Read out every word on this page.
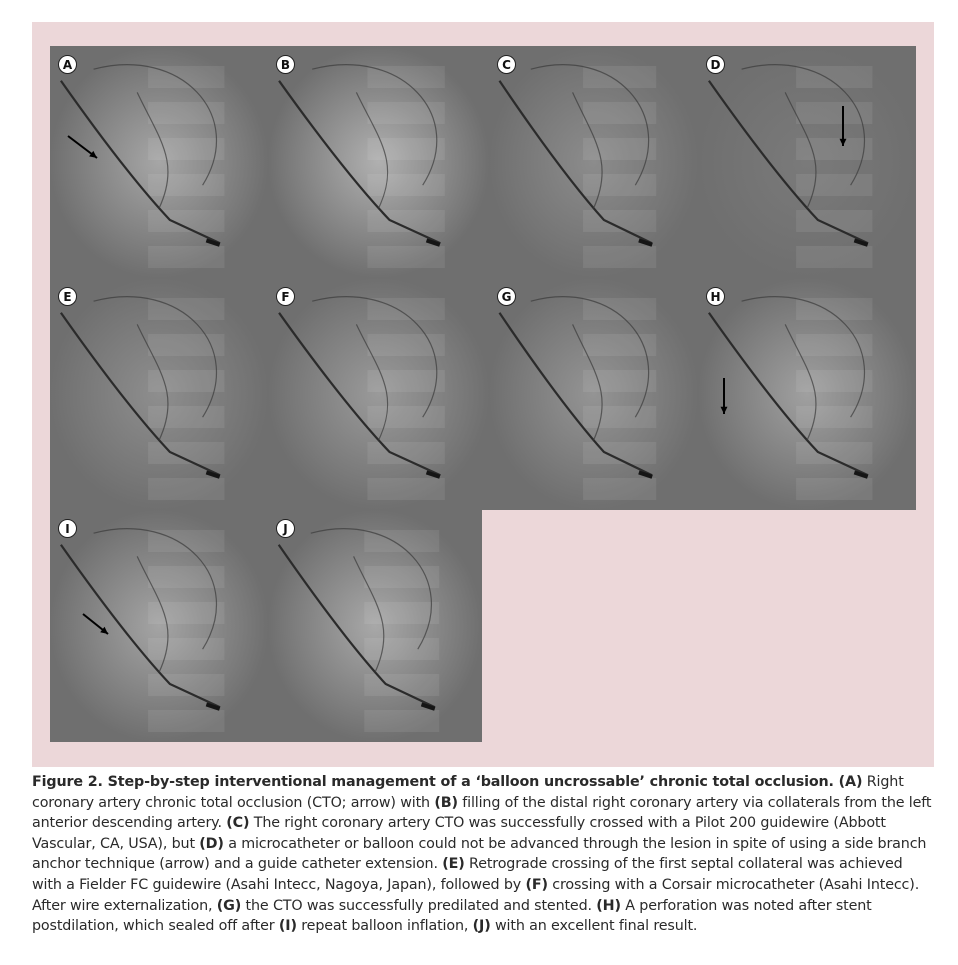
A	B	C	D
E	F	G	H
I	J
Figure 2. Step-by-step interventional management of a ‘balloon uncrossable’ chronic total occlusion. (A) Right coronary artery chronic total occlusion (CTO; arrow) with (B) filling of the distal right coronary artery via collaterals from the left anterior descending artery. (C) The right coronary artery CTO was successfully crossed with a Pilot 200 guidewire (Abbott Vascular, CA, USA), but (D) a microcatheter or balloon could not be advanced through the lesion in spite of using a side branch anchor technique (arrow) and a guide catheter extension. (E) Retrograde crossing of the first septal collateral was achieved with a Fielder FC guidewire (Asahi Intecc, Nagoya, Japan), followed by (F) crossing with a Corsair microcatheter (Asahi Intecc). After wire externalization, (G) the CTO was successfully predilated and stented. (H) A perforation was noted after stent postdilation, which sealed off after (I) repeat balloon inflation, (J) with an excellent final result.
